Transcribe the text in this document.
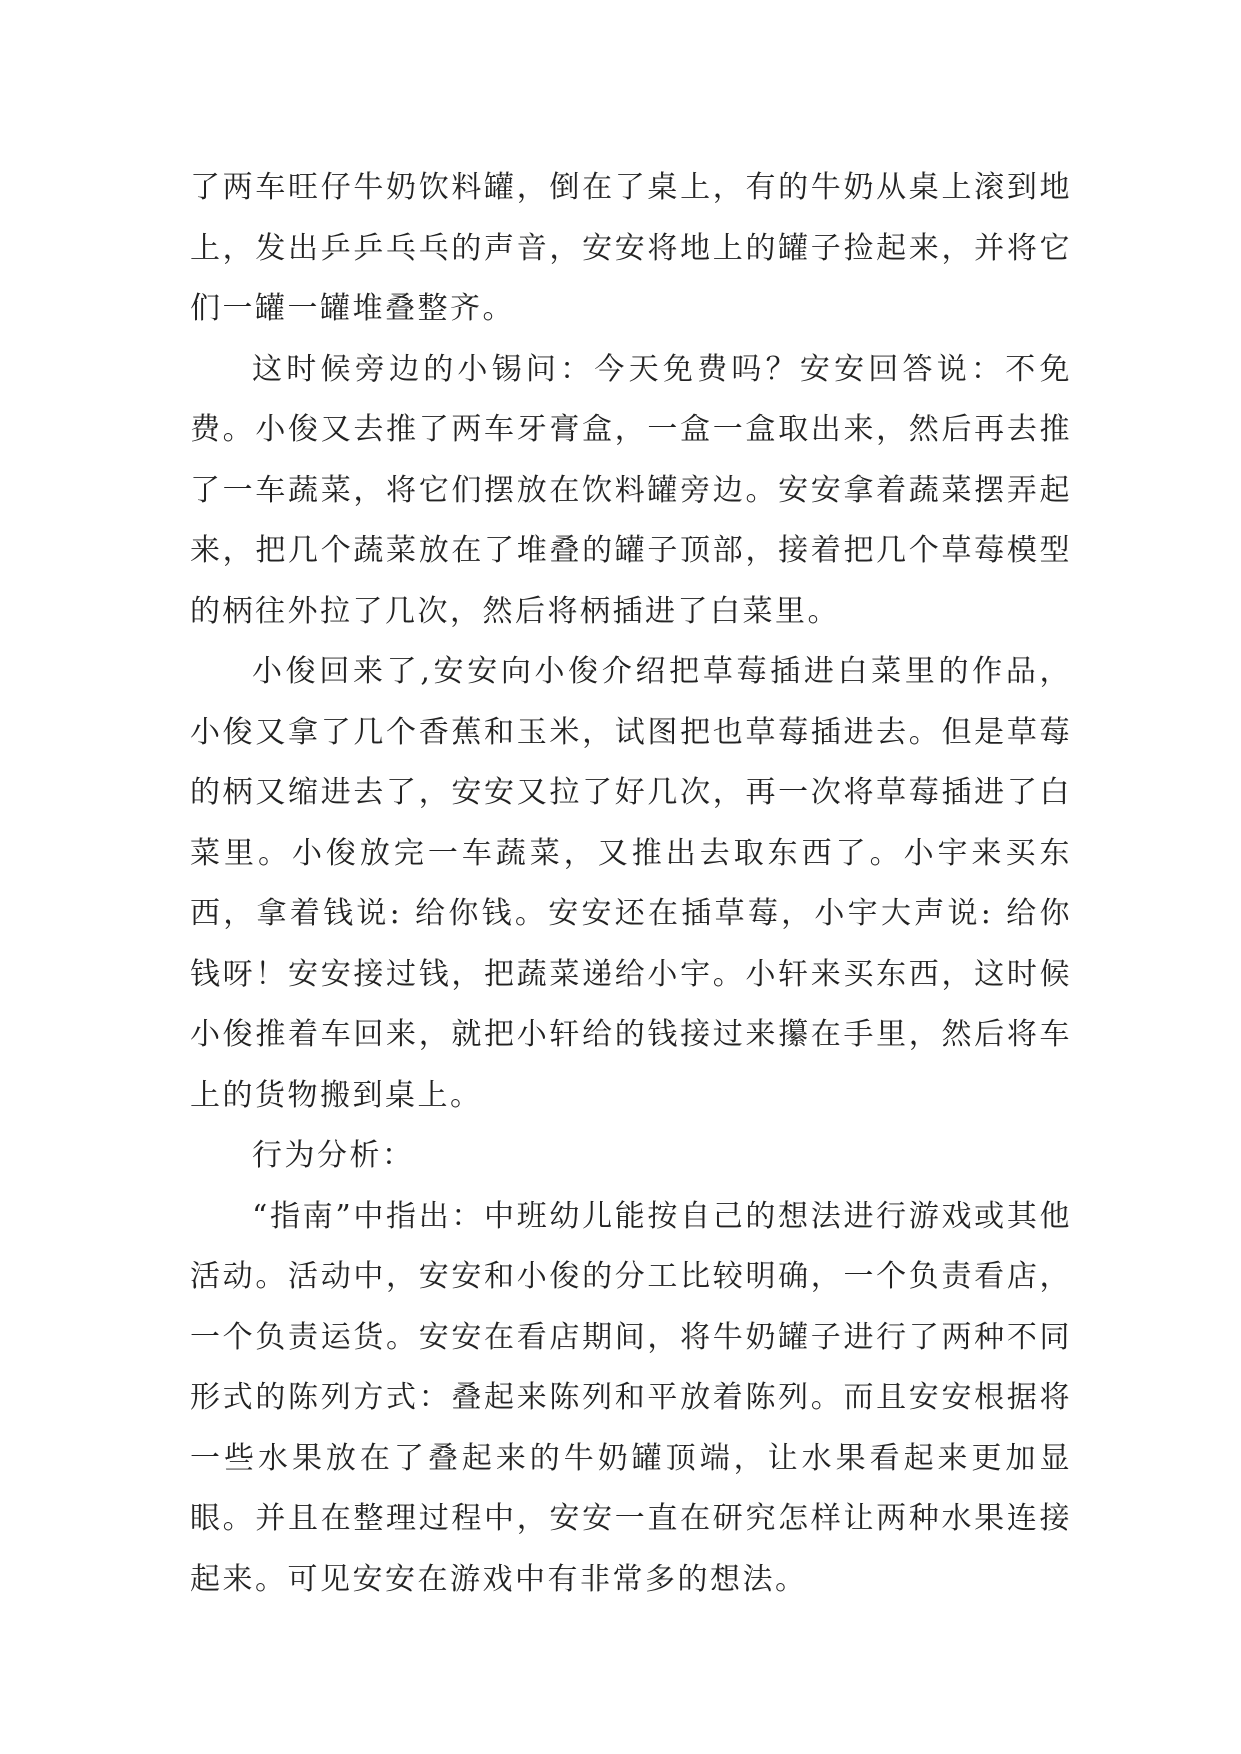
了两车旺仔牛奶饮料罐，倒在了桌上，有的牛奶从桌上滚到地上，发出乒乒乓乓的声音，安安将地上的罐子捡起来，并将它们一罐一罐堆叠整齐。

这时候旁边的小锡问：今天免费吗？安安回答说：不免费。小俊又去推了两车牙膏盒，一盒一盒取出来，然后再去推了一车蔬菜，将它们摆放在饮料罐旁边。安安拿着蔬菜摆弄起来，把几个蔬菜放在了堆叠的罐子顶部，接着把几个草莓模型的柄往外拉了几次，然后将柄插进了白菜里。

小俊回来了,安安向小俊介绍把草莓插进白菜里的作品，小俊又拿了几个香蕉和玉米，试图把也草莓插进去。但是草莓的柄又缩进去了，安安又拉了好几次，再一次将草莓插进了白菜里。小俊放完一车蔬菜，又推出去取东西了。小宇来买东西，拿着钱说: 给你钱。安安还在插草莓，小宇大声说: 给你钱呀！安安接过钱，把蔬菜递给小宇。小轩来买东西，这时候小俊推着车回来，就把小轩给的钱接过来攥在手里，然后将车上的货物搬到桌上。

行为分析：

“指南”中指出：中班幼儿能按自己的想法进行游戏或其他活动。活动中，安安和小俊的分工比较明确，一个负责看店，一个负责运货。安安在看店期间，将牛奶罐子进行了两种不同形式的陈列方式：叠起来陈列和平放着陈列。而且安安根据将一些水果放在了叠起来的牛奶罐顶端，让水果看起来更加显眼。并且在整理过程中，安安一直在研究怎样让两种水果连接起来。可见安安在游戏中有非常多的想法。
